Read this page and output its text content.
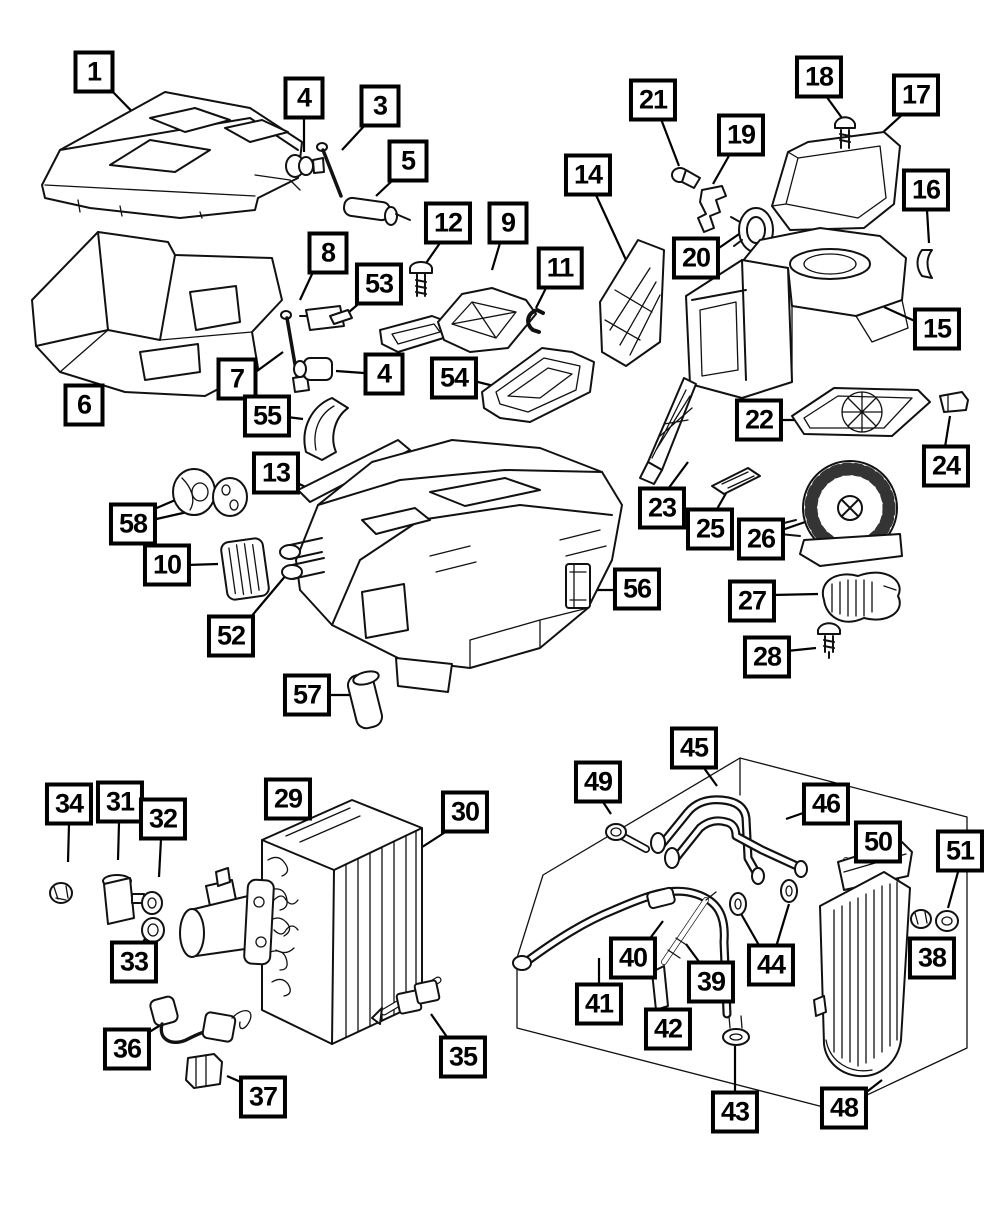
1
4	3
5
8
12	9
53
11
14
21
19
18
17
16
20
15
6
7	4	54
55
13
58
10
52
22
23
25 26
24
56	27
28
57
34 31
32
33
29	30
36
37
35
49
45
46
50	51
38
40
39
41
42
44
43	48
